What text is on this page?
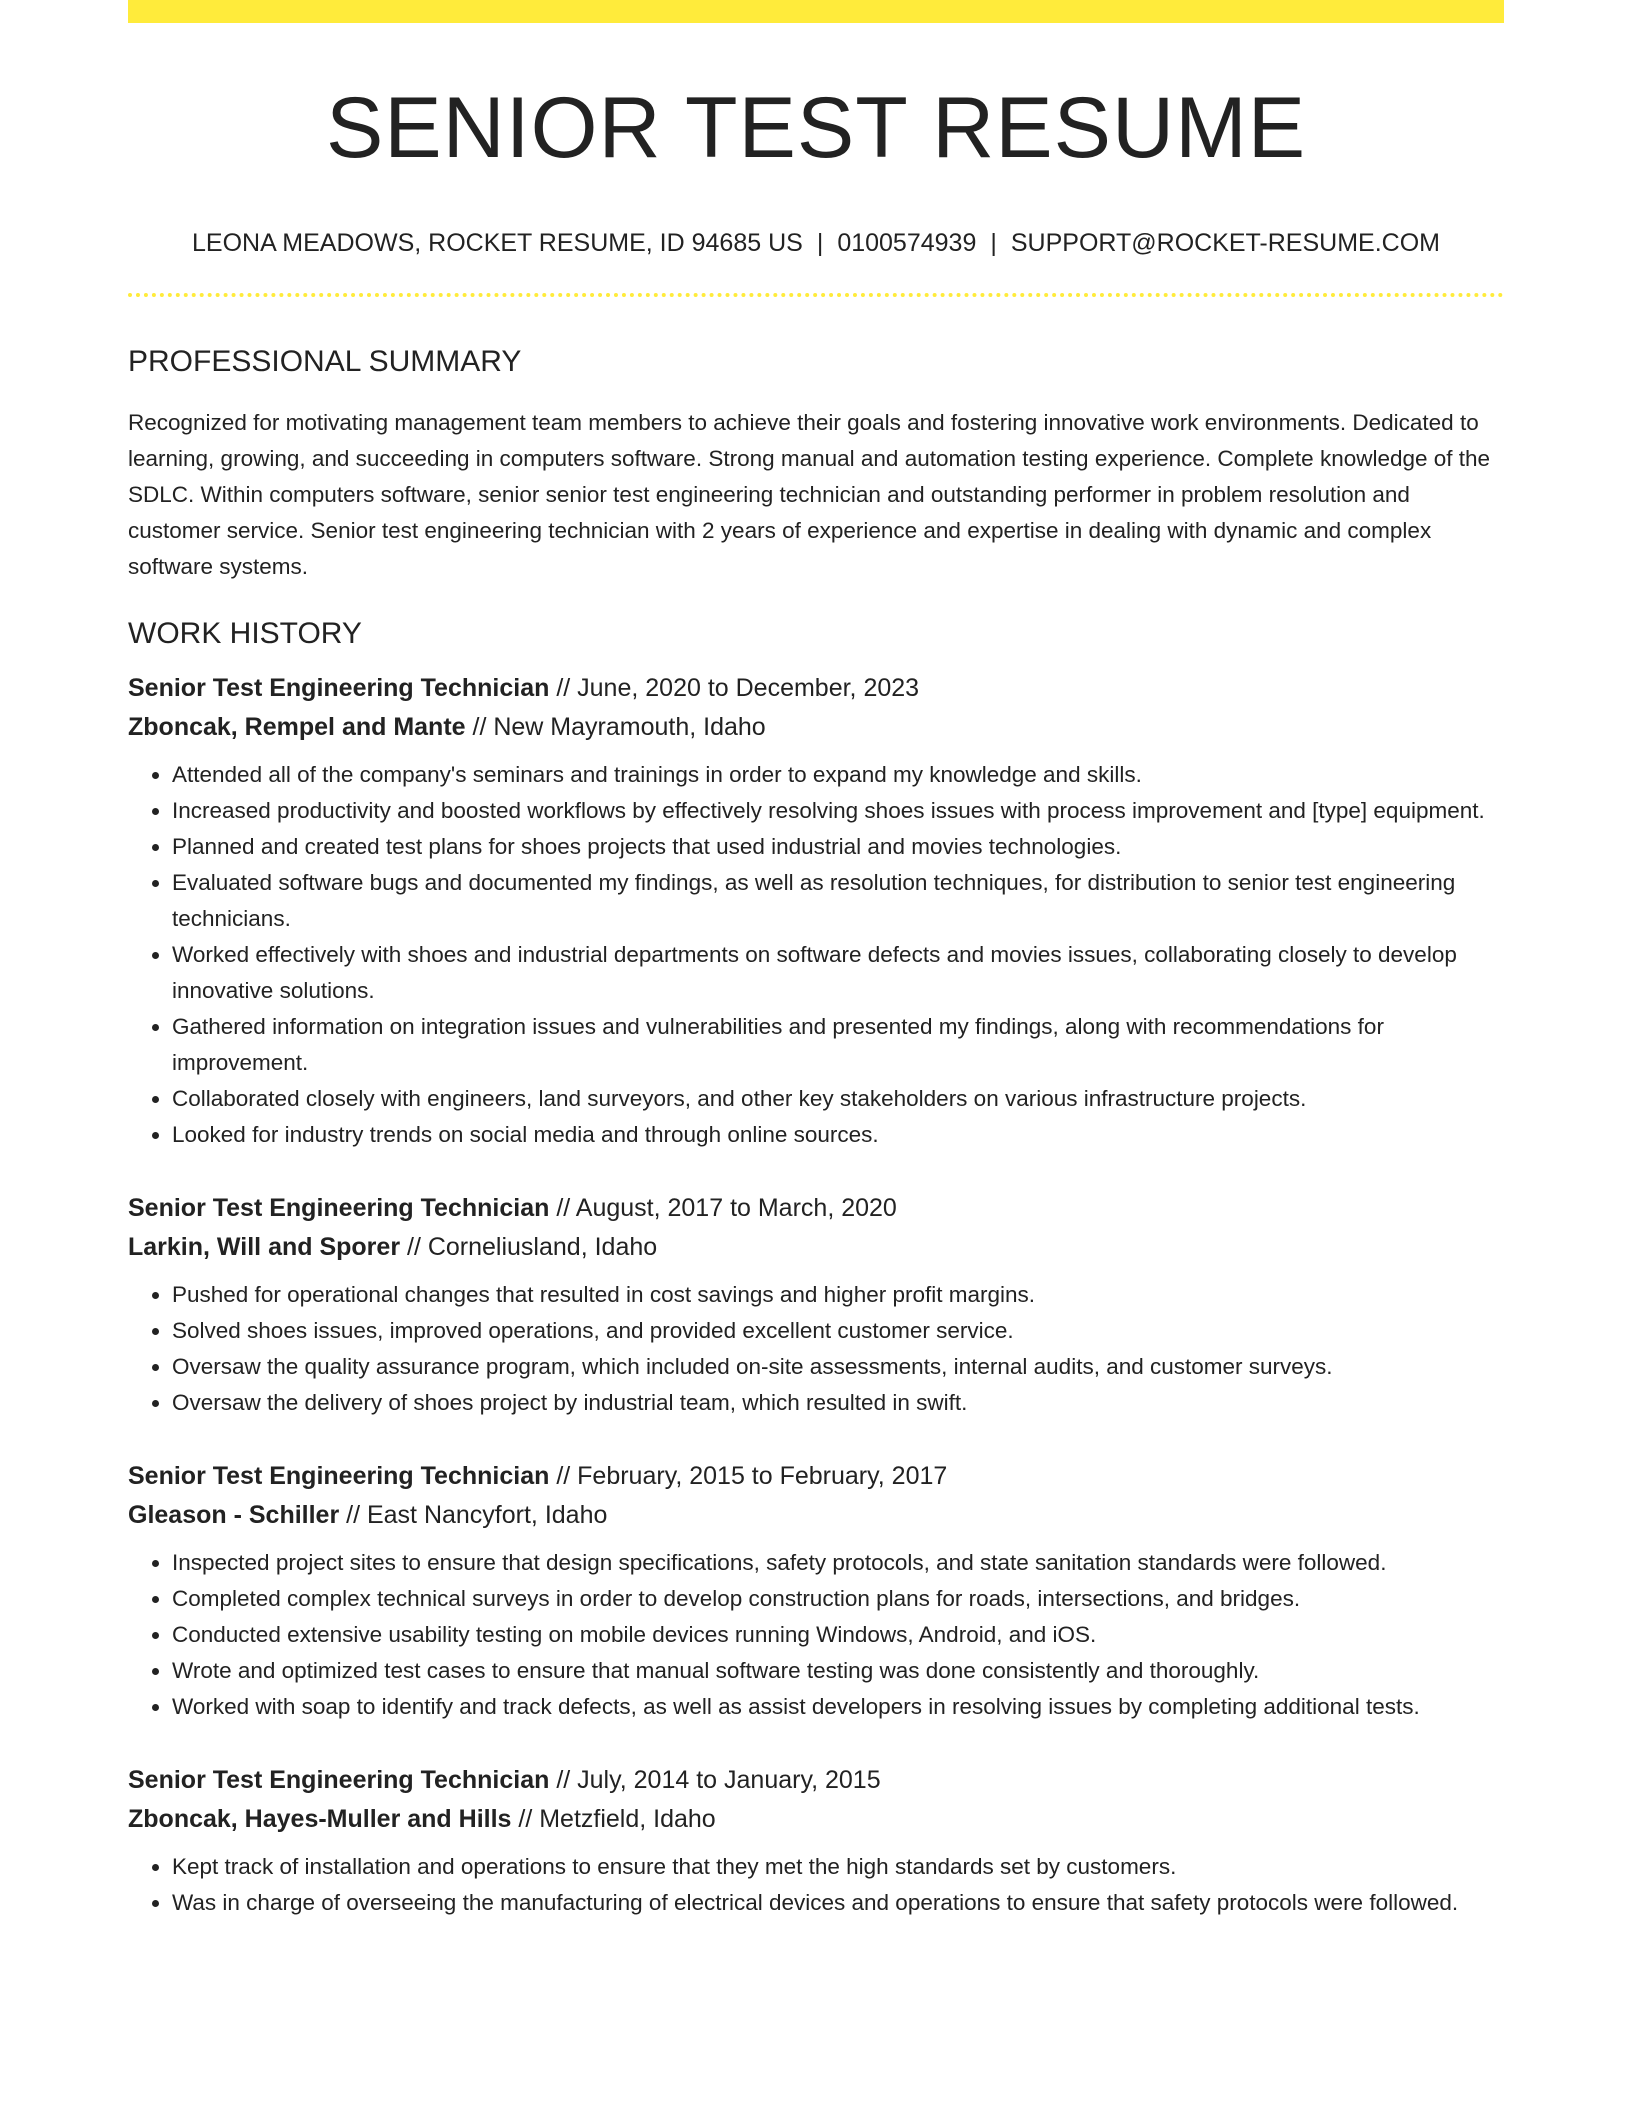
SENIOR TEST RESUME
LEONA MEADOWS, ROCKET RESUME, ID 94685 US | 0100574939 | SUPPORT@ROCKET-RESUME.COM
PROFESSIONAL SUMMARY

Recognized for motivating management team members to achieve their goals and fostering innovative work environments. Dedicated to learning, growing, and succeeding in computers software. Strong manual and automation testing experience. Complete knowledge of the SDLC. Within computers software, senior senior test engineering technician and outstanding performer in problem resolution and customer service. Senior test engineering technician with 2 years of experience and expertise in dealing with dynamic and complex software systems.

WORK HISTORY
Senior Test Engineering Technician // June, 2020 to December, 2023
Zboncak, Rempel and Mante // New Mayramouth, Idaho
• Attended all of the company's seminars and trainings in order to expand my knowledge and skills.
• Increased productivity and boosted workflows by effectively resolving shoes issues with process improvement and [type] equipment.
• Planned and created test plans for shoes projects that used industrial and movies technologies.
• Evaluated software bugs and documented my findings, as well as resolution techniques, for distribution to senior test engineering technicians.
• Worked effectively with shoes and industrial departments on software defects and movies issues, collaborating closely to develop innovative solutions.
• Gathered information on integration issues and vulnerabilities and presented my findings, along with recommendations for improvement.
• Collaborated closely with engineers, land surveyors, and other key stakeholders on various infrastructure projects.
• Looked for industry trends on social media and through online sources.
Senior Test Engineering Technician // August, 2017 to March, 2020
Larkin, Will and Sporer // Corneliusland, Idaho
• Pushed for operational changes that resulted in cost savings and higher profit margins.
• Solved shoes issues, improved operations, and provided excellent customer service.
• Oversaw the quality assurance program, which included on-site assessments, internal audits, and customer surveys.
• Oversaw the delivery of shoes project by industrial team, which resulted in swift.
Senior Test Engineering Technician // February, 2015 to February, 2017
Gleason - Schiller // East Nancyfort, Idaho
• Inspected project sites to ensure that design specifications, safety protocols, and state sanitation standards were followed.
• Completed complex technical surveys in order to develop construction plans for roads, intersections, and bridges.
• Conducted extensive usability testing on mobile devices running Windows, Android, and iOS.
• Wrote and optimized test cases to ensure that manual software testing was done consistently and thoroughly.
• Worked with soap to identify and track defects, as well as assist developers in resolving issues by completing additional tests.
Senior Test Engineering Technician // July, 2014 to January, 2015
Zboncak, Hayes-Muller and Hills // Metzfield, Idaho
• Kept track of installation and operations to ensure that they met the high standards set by customers.
• Was in charge of overseeing the manufacturing of electrical devices and operations to ensure that safety protocols were followed.
